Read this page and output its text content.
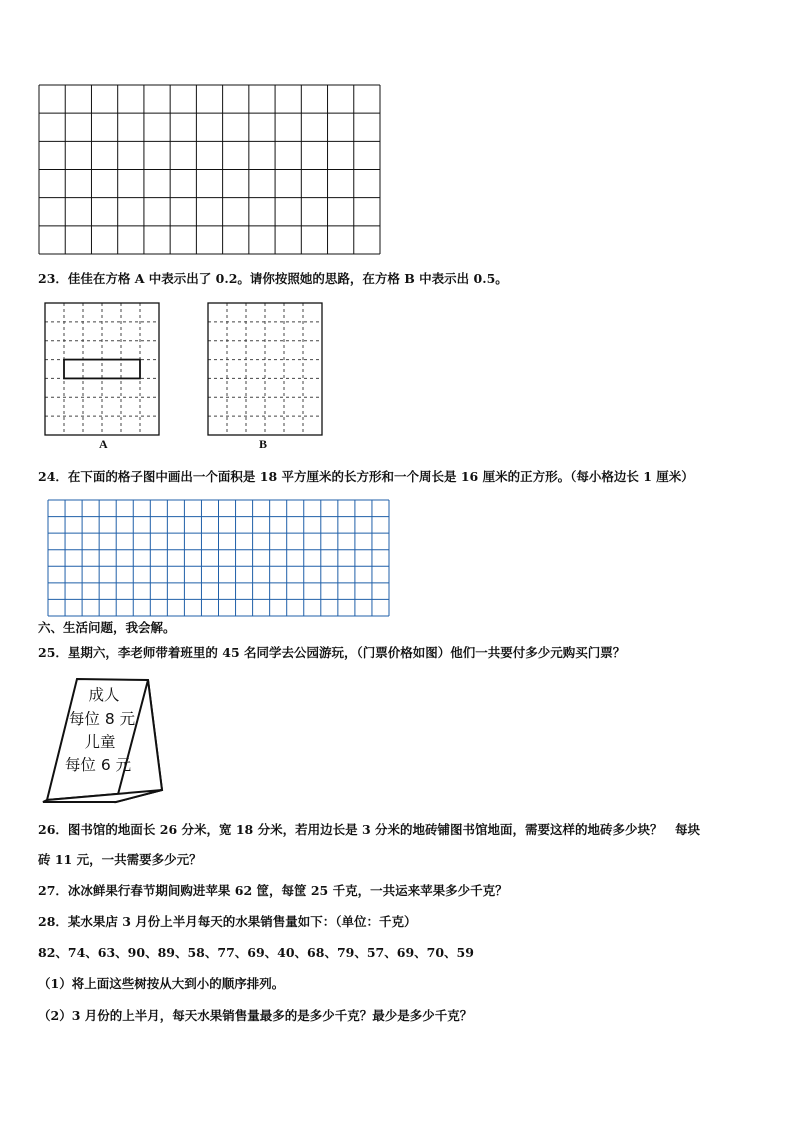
23．佳佳在方格 A 中表示出了 0.2。请你按照她的思路，在方格 B 中表示出 0.5。
A	B
24．在下面的格子图中画出一个面积是 18 平方厘米的长方形和一个周长是 16 厘米的正方形。（每小格边长 1 厘米）
六、生活问题，我会解。
25．星期六，李老师带着班里的 45 名同学去公园游玩，（门票价格如图）他们一共要付多少元购买门票？
成人
每位 8 元
儿童
每位 6 元
26．图书馆的地面长 26 分米，宽 18 分米，若用边长是 3 分米的地砖铺图书馆地面，需要这样的地砖多少块？　每块
砖 11 元，一共需要多少元？
27．冰冰鲜果行春节期间购进苹果 62 筐，每筐 25 千克，一共运来苹果多少千克？
28．某水果店 3 月份上半月每天的水果销售量如下：（单位：千克）
82、74、63、90、89、58、77、69、40、68、79、57、69、70、59
（1）将上面这些树按从大到小的顺序排列。
（2）3 月份的上半月，每天水果销售量最多的是多少千克？最少是多少千克？
